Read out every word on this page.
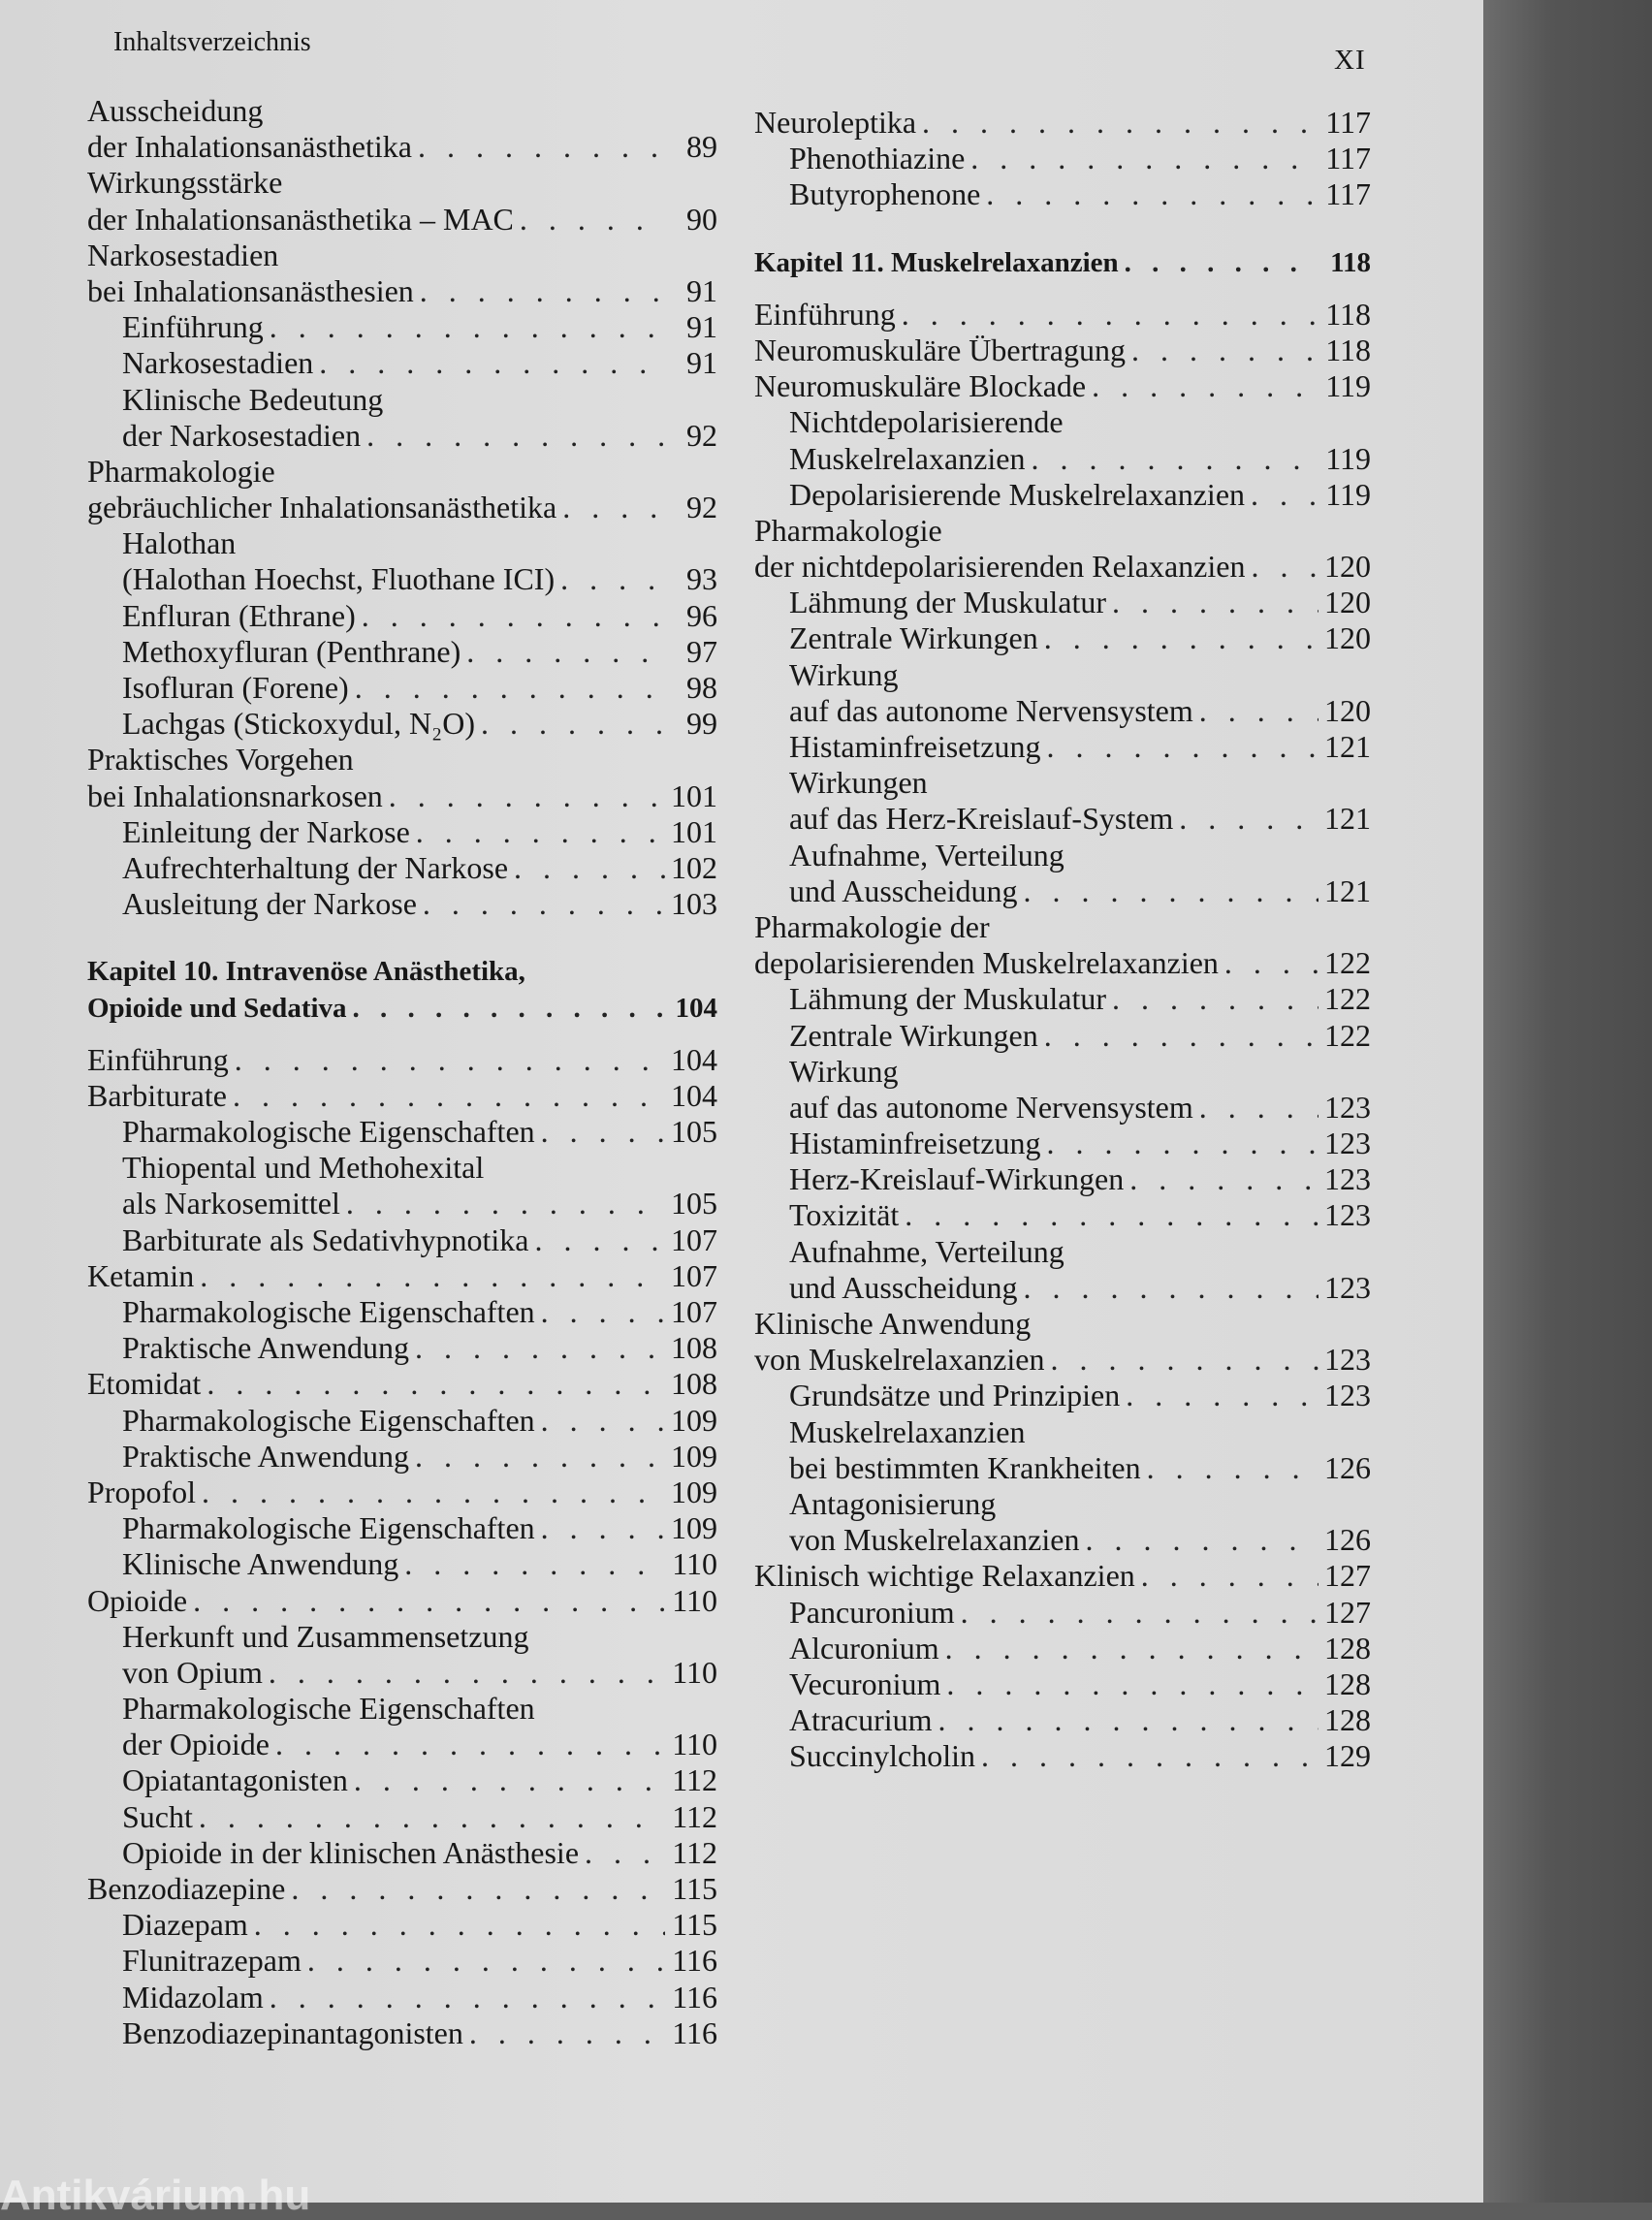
Inhaltsverzeichnis
XI
Ausscheidung
der Inhalationsanästhetika . . .	89
Wirkungsstärke
der Inhalationsanästhetika – MAC . . .	90
Narkosestadien
bei Inhalationsanästhesien . . .	91
Einführung . . .	91
Narkosestadien . . .	91
Klinische Bedeutung
der Narkosestadien . . .	92
Pharmakologie
gebräuchlicher Inhalationsanästhetika . . .	92
Halothan
(Halothan Hoechst, Fluothane ICI) . . .	93
Enfluran (Ethrane) . . .	96
Methoxyfluran (Penthrane) . . .	97
Isofluran (Forene) . . .	98
Lachgas (Stickoxydul, N₂O) . . .	99
Praktisches Vorgehen
bei Inhalationsnarkosen . . .	101
Einleitung der Narkose . . .	101
Aufrechterhaltung der Narkose . . .	102
Ausleitung der Narkose . . .	103
Kapitel 10. Intravenöse Anästhetika,
Opioide und Sedativa . . .	104
Einführung . . .	104
Barbiturate . . .	104
Pharmakologische Eigenschaften . . .	105
Thiopental und Methohexital
als Narkosemittel . . .	105
Barbiturate als Sedativhypnotika . . .	107
Ketamin . . .	107
Pharmakologische Eigenschaften . . .	107
Praktische Anwendung . . .	108
Etomidat . . .	108
Pharmakologische Eigenschaften . . .	109
Praktische Anwendung . . .	109
Propofol . . .	109
Pharmakologische Eigenschaften . . .	109
Klinische Anwendung . . .	110
Opioide . . .	110
Herkunft und Zusammensetzung
von Opium . . .	110
Pharmakologische Eigenschaften
der Opioide . . .	110
Opiatantagonisten . . .	112
Sucht . . .	112
Opioide in der klinischen Anästhesie . . .	112
Benzodiazepine . . .	115
Diazepam . . .	115
Flunitrazepam . . .	116
Midazolam . . .	116
Benzodiazepinantagonisten . . .	116
Neuroleptika . . .	117
Phenothiazine . . .	117
Butyrophenone . . .	117
Kapitel 11. Muskelrelaxanzien . . .	118
Einführung . . .	118
Neuromuskuläre Übertragung . . .	118
Neuromuskuläre Blockade . . .	119
Nichtdepolarisierende
Muskelrelaxanzien . . .	119
Depolarisierende Muskelrelaxanzien . . .	119
Pharmakologie
der nichtdepolarisierenden Relaxanzien . . .	120
Lähmung der Muskulatur . . .	120
Zentrale Wirkungen . . .	120
Wirkung
auf das autonome Nervensystem . . .	120
Histaminfreisetzung . . .	121
Wirkungen
auf das Herz-Kreislauf-System . . .	121
Aufnahme, Verteilung
und Ausscheidung . . .	121
Pharmakologie der
depolarisierenden Muskelrelaxanzien . . .	122
Lähmung der Muskulatur . . .	122
Zentrale Wirkungen . . .	122
Wirkung
auf das autonome Nervensystem . . .	123
Histaminfreisetzung . . .	123
Herz-Kreislauf-Wirkungen . . .	123
Toxizität . . .	123
Aufnahme, Verteilung
und Ausscheidung . . .	123
Klinische Anwendung
von Muskelrelaxanzien . . .	123
Grundsätze und Prinzipien . . .	123
Muskelrelaxanzien
bei bestimmten Krankheiten . . .	126
Antagonisierung
von Muskelrelaxanzien . . .	126
Klinisch wichtige Relaxanzien . . .	127
Pancuronium . . .	127
Alcuronium . . .	128
Vecuronium . . .	128
Atracurium . . .	128
Succinylcholin . . .	129
Antikvárium.hu
